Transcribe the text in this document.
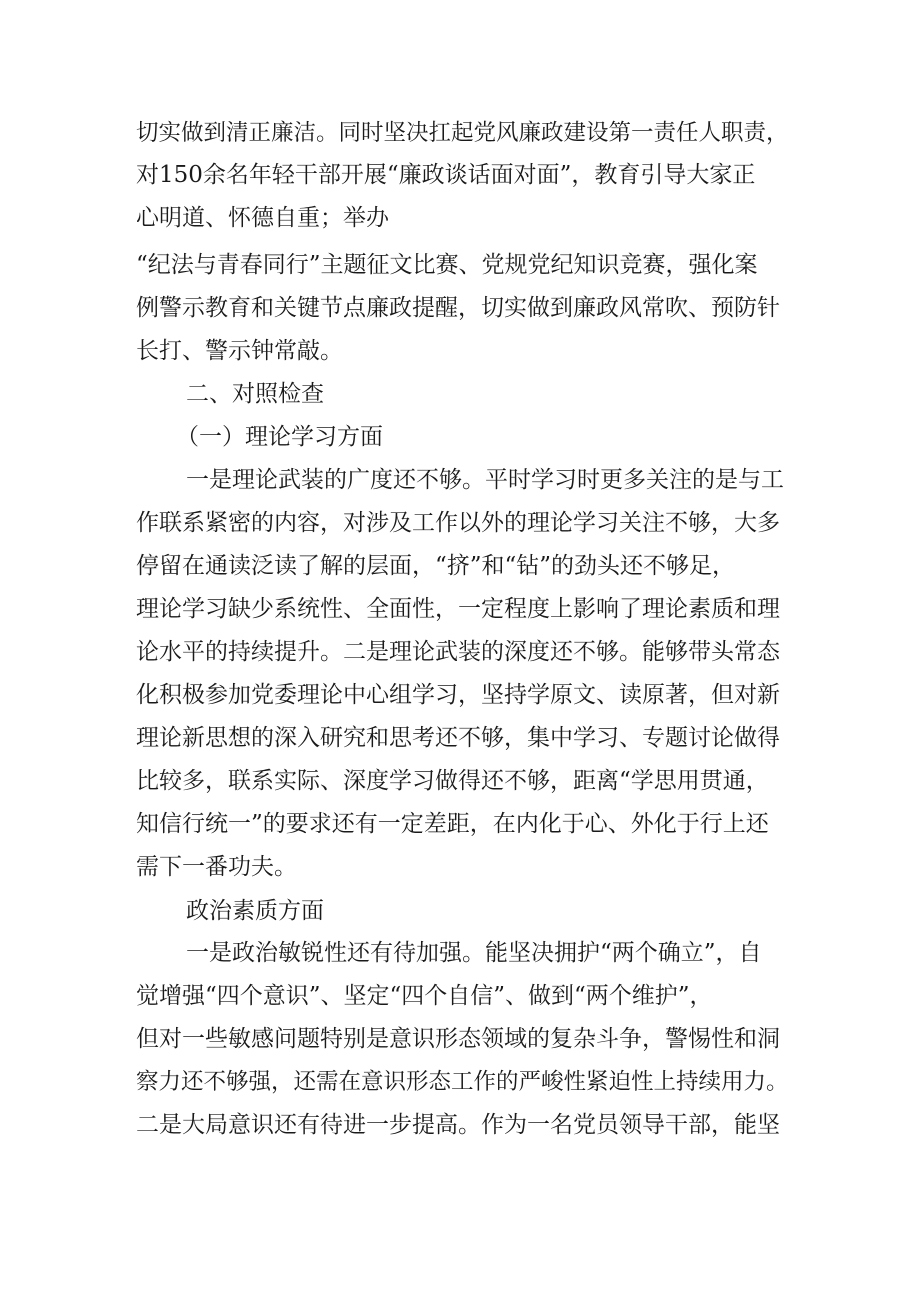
切实做到清正廉洁。同时坚决扛起党风廉政建设第一责任人职责，

对150余名年轻干部开展“廉政谈话面对面”，教育引导大家正

心明道、怀德自重；举办

“纪法与青春同行”主题征文比赛、党规党纪知识竞赛，强化案

例警示教育和关键节点廉政提醒，切实做到廉政风常吹、预防针

长打、警示钟常敲。

二、对照检查

（一）理论学习方面

一是理论武装的广度还不够。平时学习时更多关注的是与工

作联系紧密的内容，对涉及工作以外的理论学习关注不够，大多

停留在通读泛读了解的层面，“挤”和“钻”的劲头还不够足，

理论学习缺少系统性、全面性，一定程度上影响了理论素质和理

论水平的持续提升。二是理论武装的深度还不够。能够带头常态

化积极参加党委理论中心组学习，坚持学原文、读原著，但对新

理论新思想的深入研究和思考还不够，集中学习、专题讨论做得

比较多，联系实际、深度学习做得还不够，距离“学思用贯通，

知信行统一”的要求还有一定差距，在内化于心、外化于行上还

需下一番功夫。

政治素质方面

一是政治敏锐性还有待加强。能坚决拥护“两个确立”，自

觉增强“四个意识”、坚定“四个自信”、做到“两个维护”，

但对一些敏感问题特别是意识形态领域的复杂斗争，警惕性和洞

察力还不够强，还需在意识形态工作的严峻性紧迫性上持续用力。

二是大局意识还有待进一步提高。作为一名党员领导干部，能坚
